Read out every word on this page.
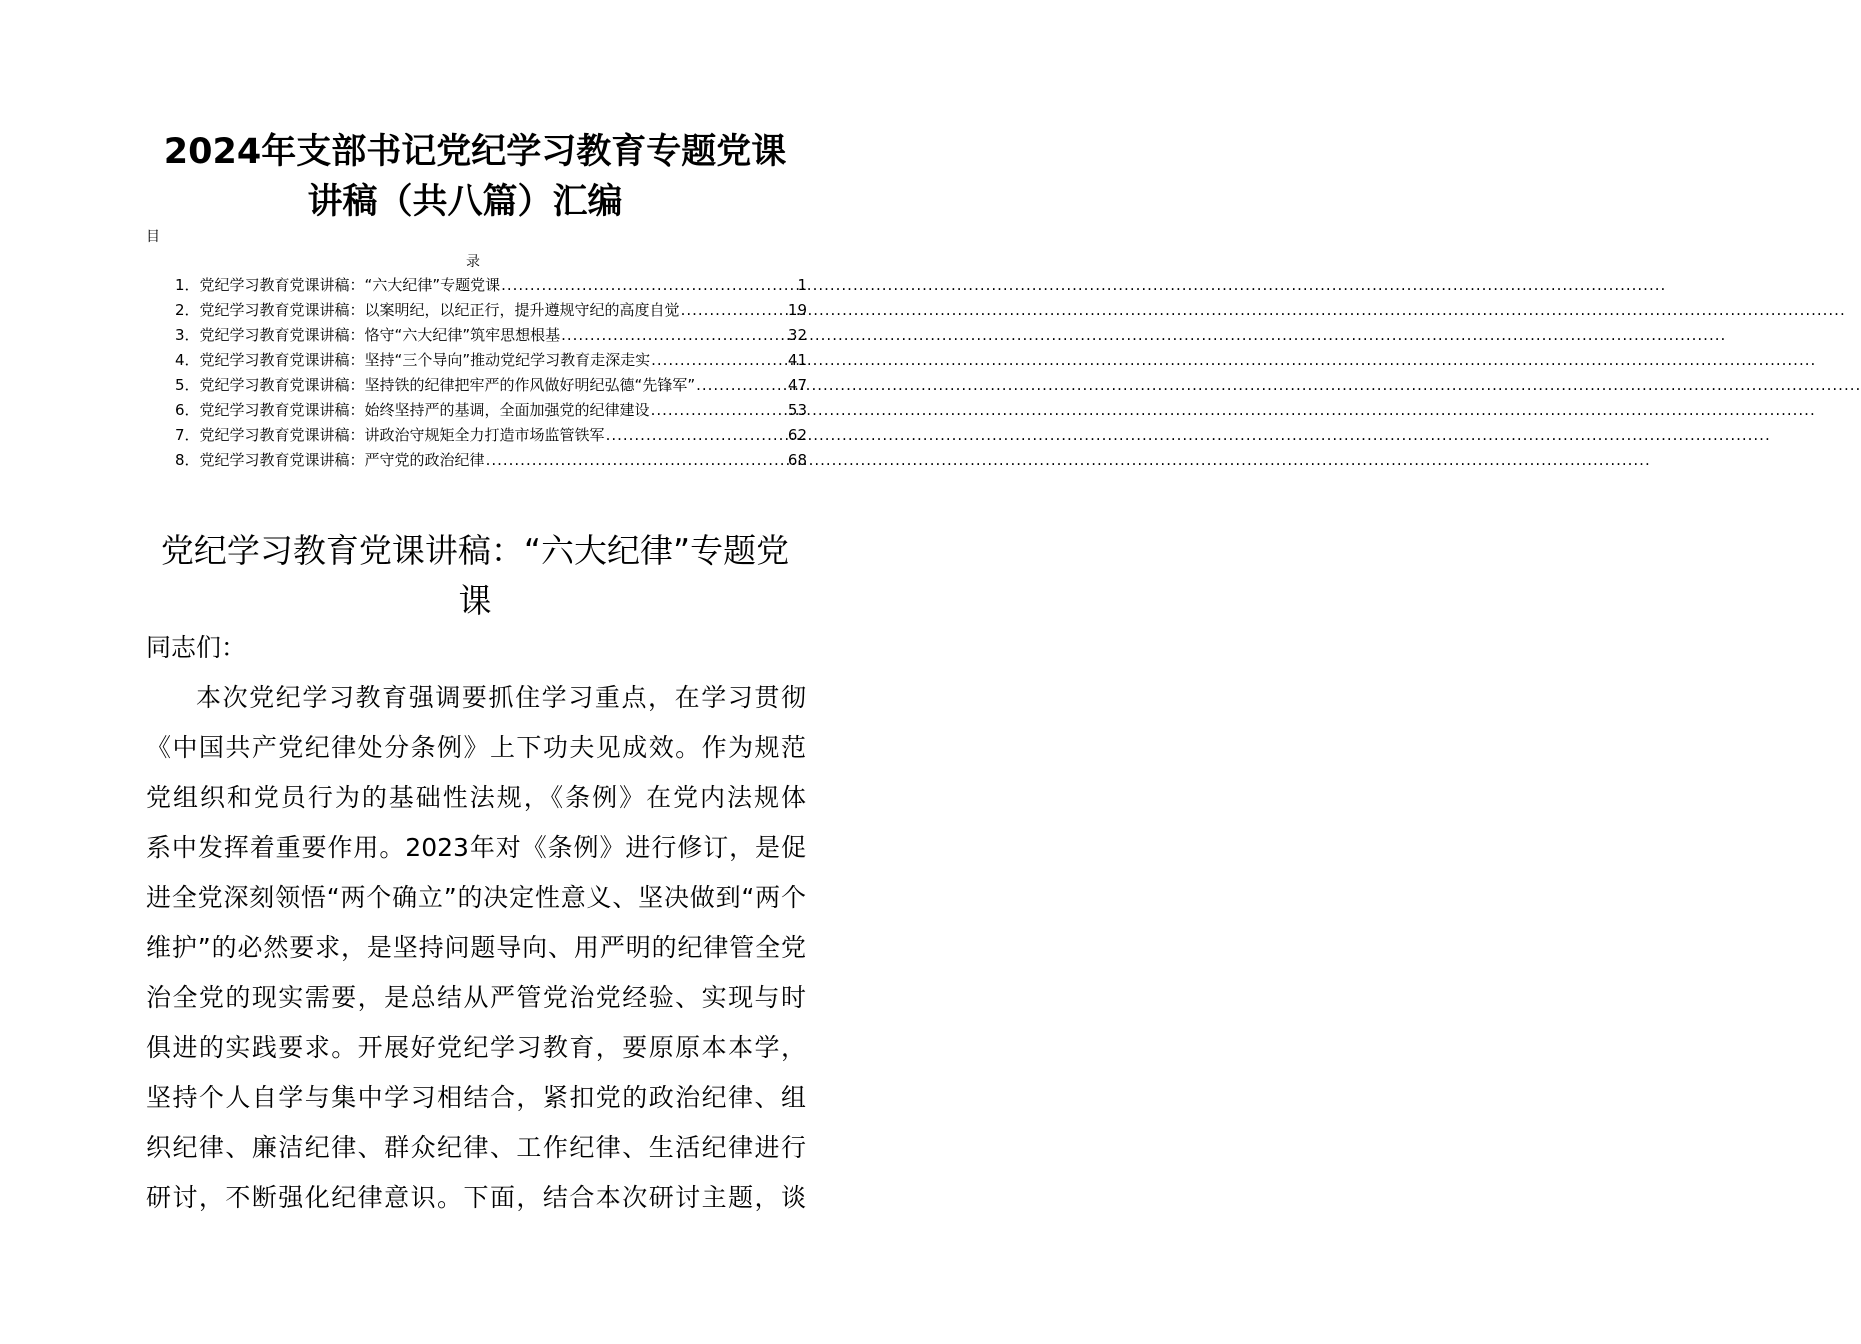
2024年支部书记党纪学习教育专题党课
讲稿（共八篇）汇编
目
录
1． 党纪学习教育党课讲稿：“六大纪律”专题党课 .....	1
2． 党纪学习教育党课讲稿：以案明纪，以纪正行，提升遵规守纪的高度自觉 .....	19
3． 党纪学习教育党课讲稿：恪守“六大纪律”筑牢思想根基 .....	32
4． 党纪学习教育党课讲稿：坚持“三个导向”推动党纪学习教育走深走实 .....	41
5． 党纪学习教育党课讲稿：坚持铁的纪律把牢严的作风做好明纪弘德“先锋军” .....	47
6． 党纪学习教育党课讲稿：始终坚持严的基调，全面加强党的纪律建设 .....	53
7． 党纪学习教育党课讲稿：讲政治守规矩全力打造市场监管铁军 .....	62
8． 党纪学习教育党课讲稿：严守党的政治纪律 .....	68
党纪学习教育党课讲稿：“六大纪律”专题党
课
同志们：
本次党纪学习教育强调要抓住学习重点，在学习贯彻
《中国共产党纪律处分条例》上下功夫见成效。作为规范
党组织和党员行为的基础性法规，《条例》在党内法规体
系中发挥着重要作用。2023年对《条例》进行修订，是促
进全党深刻领悟“两个确立”的决定性意义、坚决做到“两个
维护”的必然要求，是坚持问题导向、用严明的纪律管全党
治全党的现实需要，是总结从严管党治党经验、实现与时
俱进的实践要求。开展好党纪学习教育，要原原本本学，
坚持个人自学与集中学习相结合，紧扣党的政治纪律、组
织纪律、廉洁纪律、群众纪律、工作纪律、生活纪律进行
研讨，不断强化纪律意识。下面，结合本次研讨主题，谈
